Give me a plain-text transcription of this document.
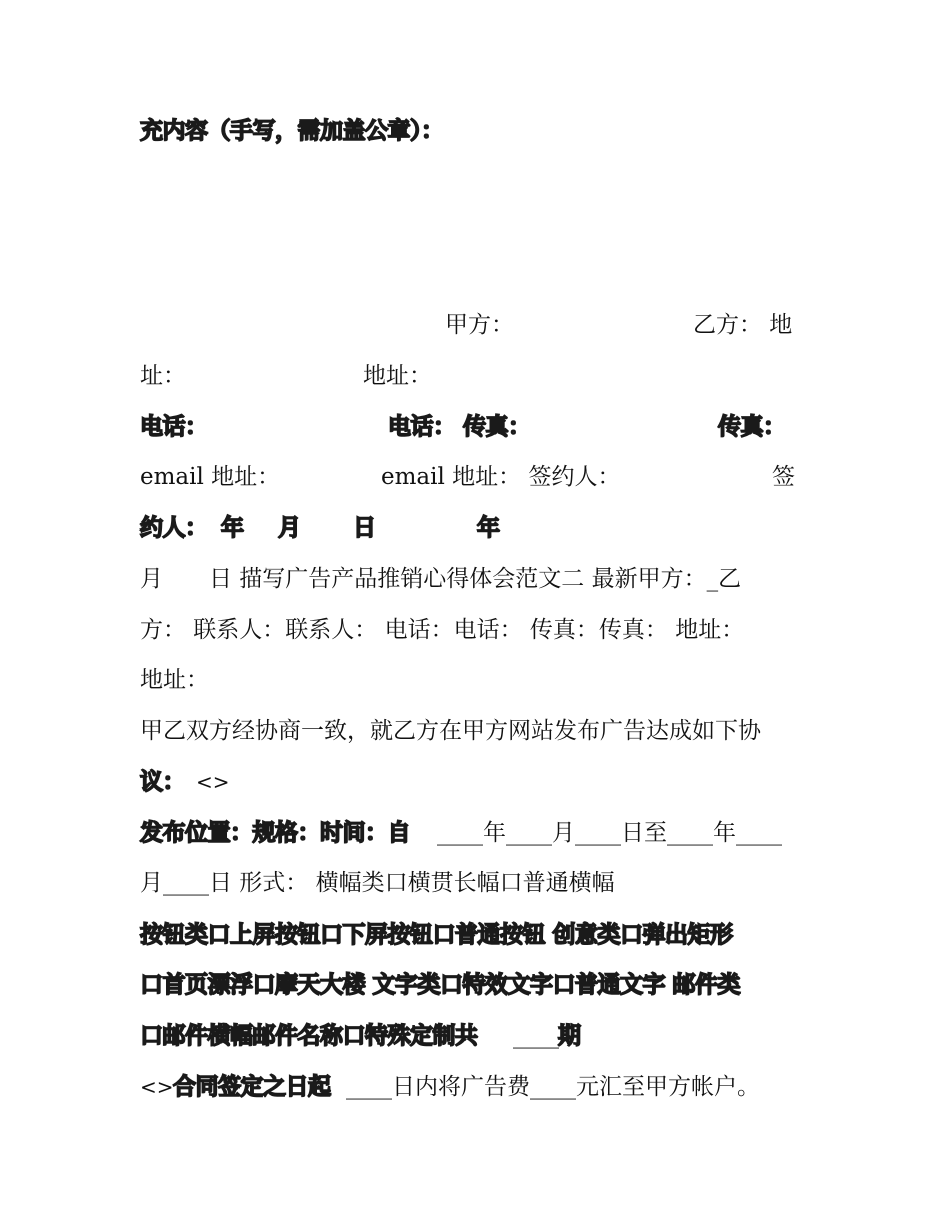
充内容（手写，需加盖公章）：
甲方：	乙方： 地
址：	地址：
电话：	电话： 传真：	传真：
email 地址：	email 地址： 签约人：	签
约人： 年 月 日	年
月　　日 描写广告产品推销心得体会范文二 最新甲方：_乙
方： 联系人：联系人： 电话：电话： 传真：传真： 地址：
地址：
甲乙双方经协商一致，就乙方在甲方网站发布广告达成如下协
议： <>
发布位置：规格：时间：自 ____年____月____日至____年____
月____日 形式： 横幅类口横贯长幅口普通横幅
按钮类口上屏按钮口下屏按钮口普通按钮 创意类口弹出矩形
口首页漂浮口摩天大楼 文字类口特效文字口普通文字 邮件类
口邮件横幅邮件名称口特殊定制共 ____ 期
<> 合同签定之日起 ____日内将广告费____元汇至甲方帐户。
